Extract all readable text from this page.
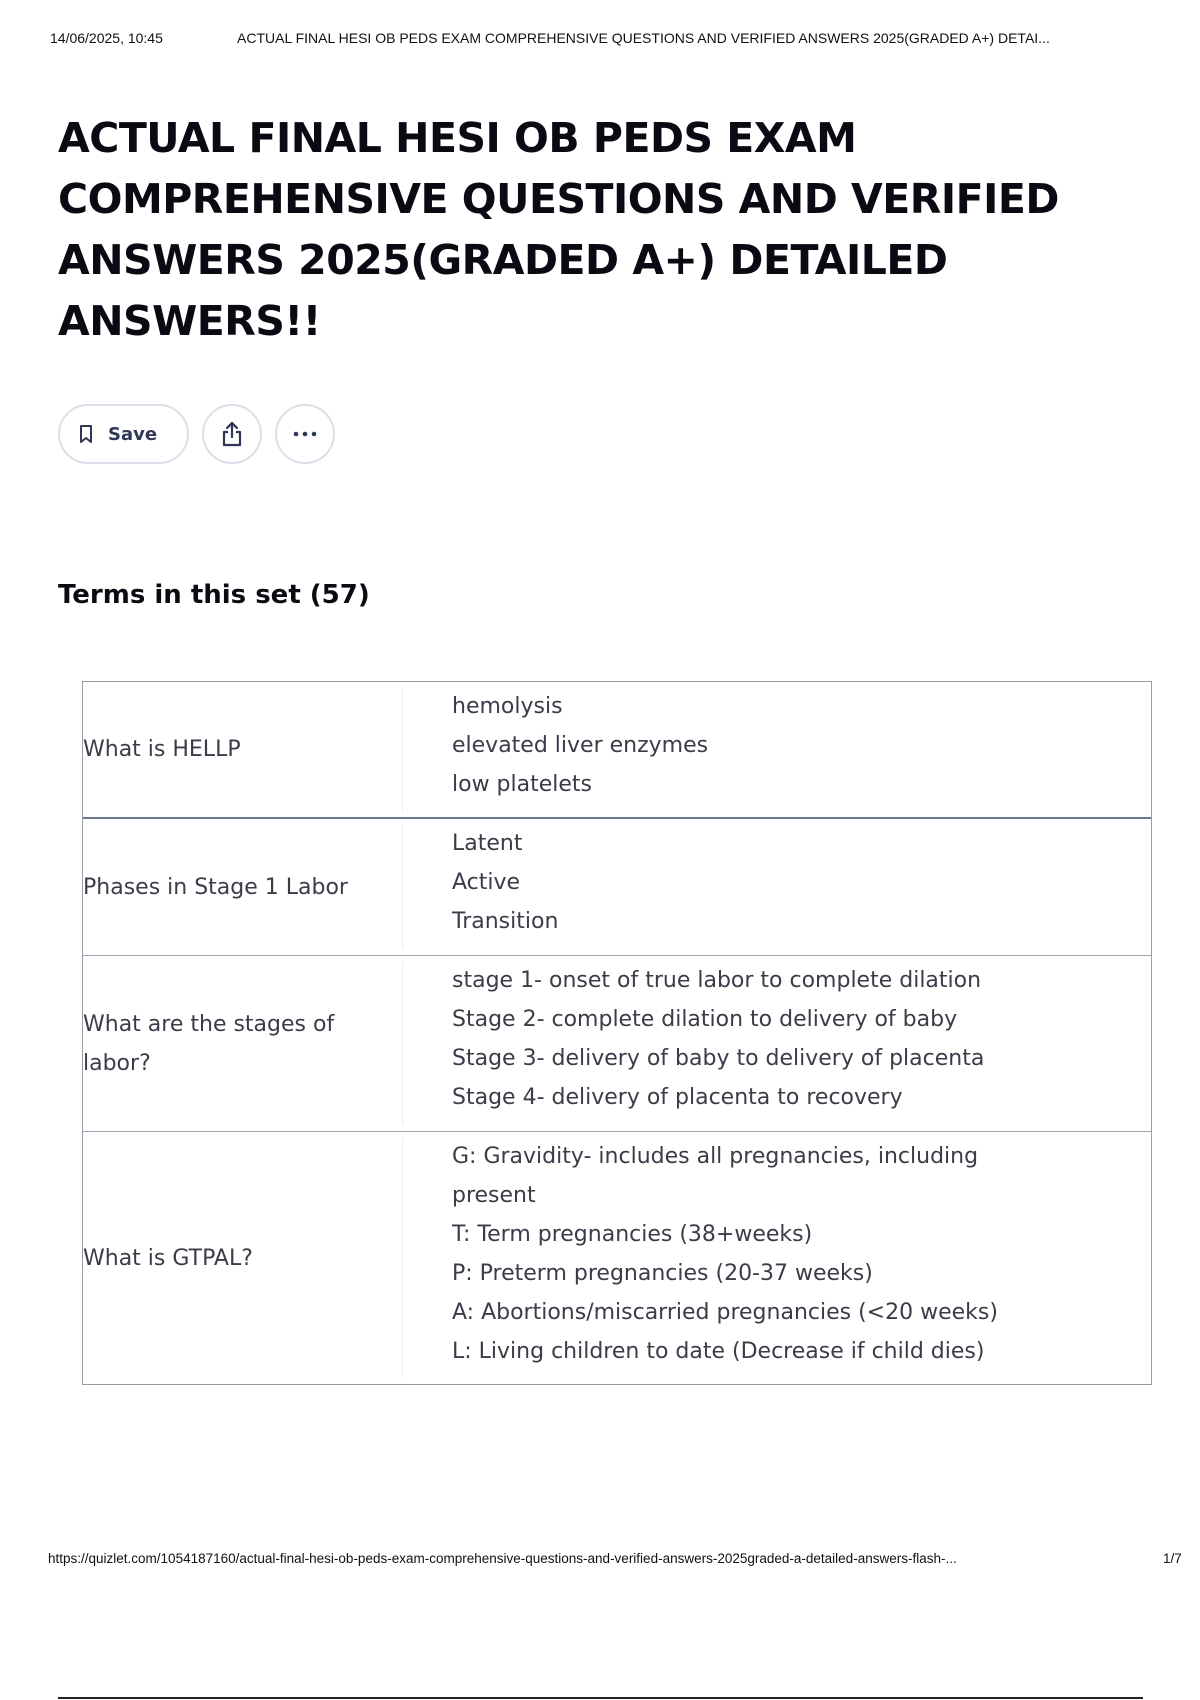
14/06/2025, 10:45	ACTUAL FINAL HESI OB PEDS EXAM COMPREHENSIVE QUESTIONS AND VERIFIED ANSWERS 2025(GRADED A+) DETAI...
ACTUAL FINAL HESI OB PEDS EXAM COMPREHENSIVE QUESTIONS AND VERIFIED ANSWERS 2025(GRADED A+) DETAILED ANSWERS!!
Save
Terms in this set (57)
What is HELLP
hemolysis
elevated liver enzymes
low platelets
Phases in Stage 1 Labor
Latent
Active
Transition
What are the stages of labor?
stage 1- onset of true labor to complete dilation
Stage 2- complete dilation to delivery of baby
Stage 3- delivery of baby to delivery of placenta
Stage 4- delivery of placenta to recovery
What is GTPAL?
G: Gravidity- includes all pregnancies, including
present
T: Term pregnancies (38+weeks)
P: Preterm pregnancies (20-37 weeks)
A: Abortions/miscarried pregnancies (<20 weeks)
L: Living children to date (Decrease if child dies)
https://quizlet.com/1054187160/actual-final-hesi-ob-peds-exam-comprehensive-questions-and-verified-answers-2025graded-a-detailed-answers-flash-...	1/7
